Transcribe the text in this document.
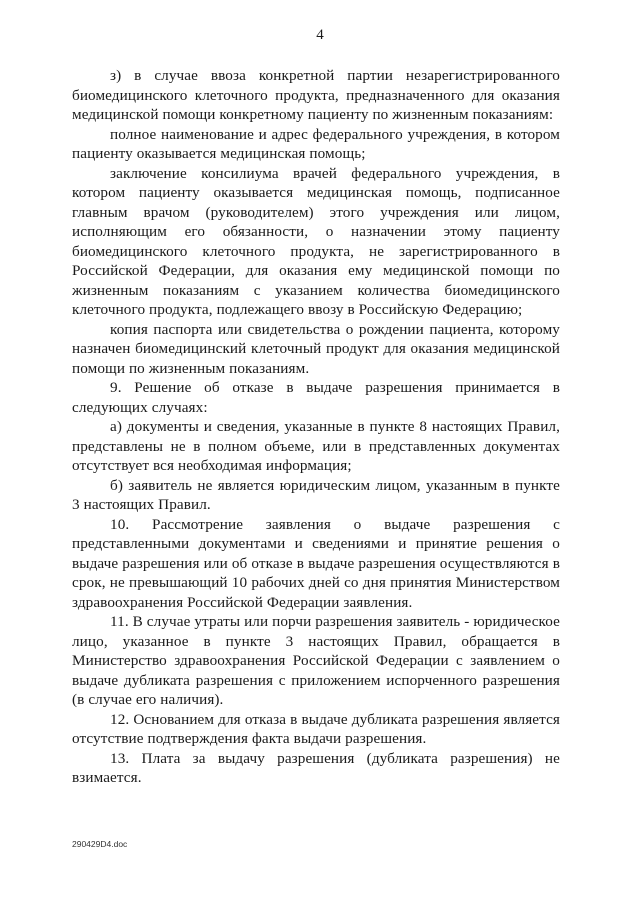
4

з) в случае ввоза конкретной партии незарегистрированного биомедицинского клеточного продукта, предназначенного для оказания медицинской помощи конкретному пациенту по жизненным показаниям:

полное наименование и адрес федерального учреждения, в котором пациенту оказывается медицинская помощь;

заключение консилиума врачей федерального учреждения, в котором пациенту оказывается медицинская помощь, подписанное главным врачом (руководителем) этого учреждения или лицом, исполняющим его обязанности, о назначении этому пациенту биомедицинского клеточного продукта, не зарегистрированного в Российской Федерации, для оказания ему медицинской помощи по жизненным показаниям с указанием количества биомедицинского клеточного продукта, подлежащего ввозу в Российскую Федерацию;

копия паспорта или свидетельства о рождении пациента, которому назначен биомедицинский клеточный продукт для оказания медицинской помощи по жизненным показаниям.

9. Решение об отказе в выдаче разрешения принимается в следующих случаях:

а) документы и сведения, указанные в пункте 8 настоящих Правил, представлены не в полном объеме, или в представленных документах отсутствует вся необходимая информация;

б) заявитель не является юридическим лицом, указанным в пункте 3 настоящих Правил.

10. Рассмотрение заявления о выдаче разрешения с представленными документами и сведениями и принятие решения о выдаче разрешения или об отказе в выдаче разрешения осуществляются в срок, не превышающий 10 рабочих дней со дня принятия Министерством здравоохранения Российской Федерации заявления.

11. В случае утраты или порчи разрешения заявитель - юридическое лицо, указанное в пункте 3 настоящих Правил, обращается в Министерство здравоохранения Российской Федерации с заявлением о выдаче дубликата разрешения с приложением испорченного разрешения (в случае его наличия).

12. Основанием для отказа в выдаче дубликата разрешения является отсутствие подтверждения факта выдачи разрешения.

13. Плата за выдачу разрешения (дубликата разрешения) не взимается.

290429D4.doc
